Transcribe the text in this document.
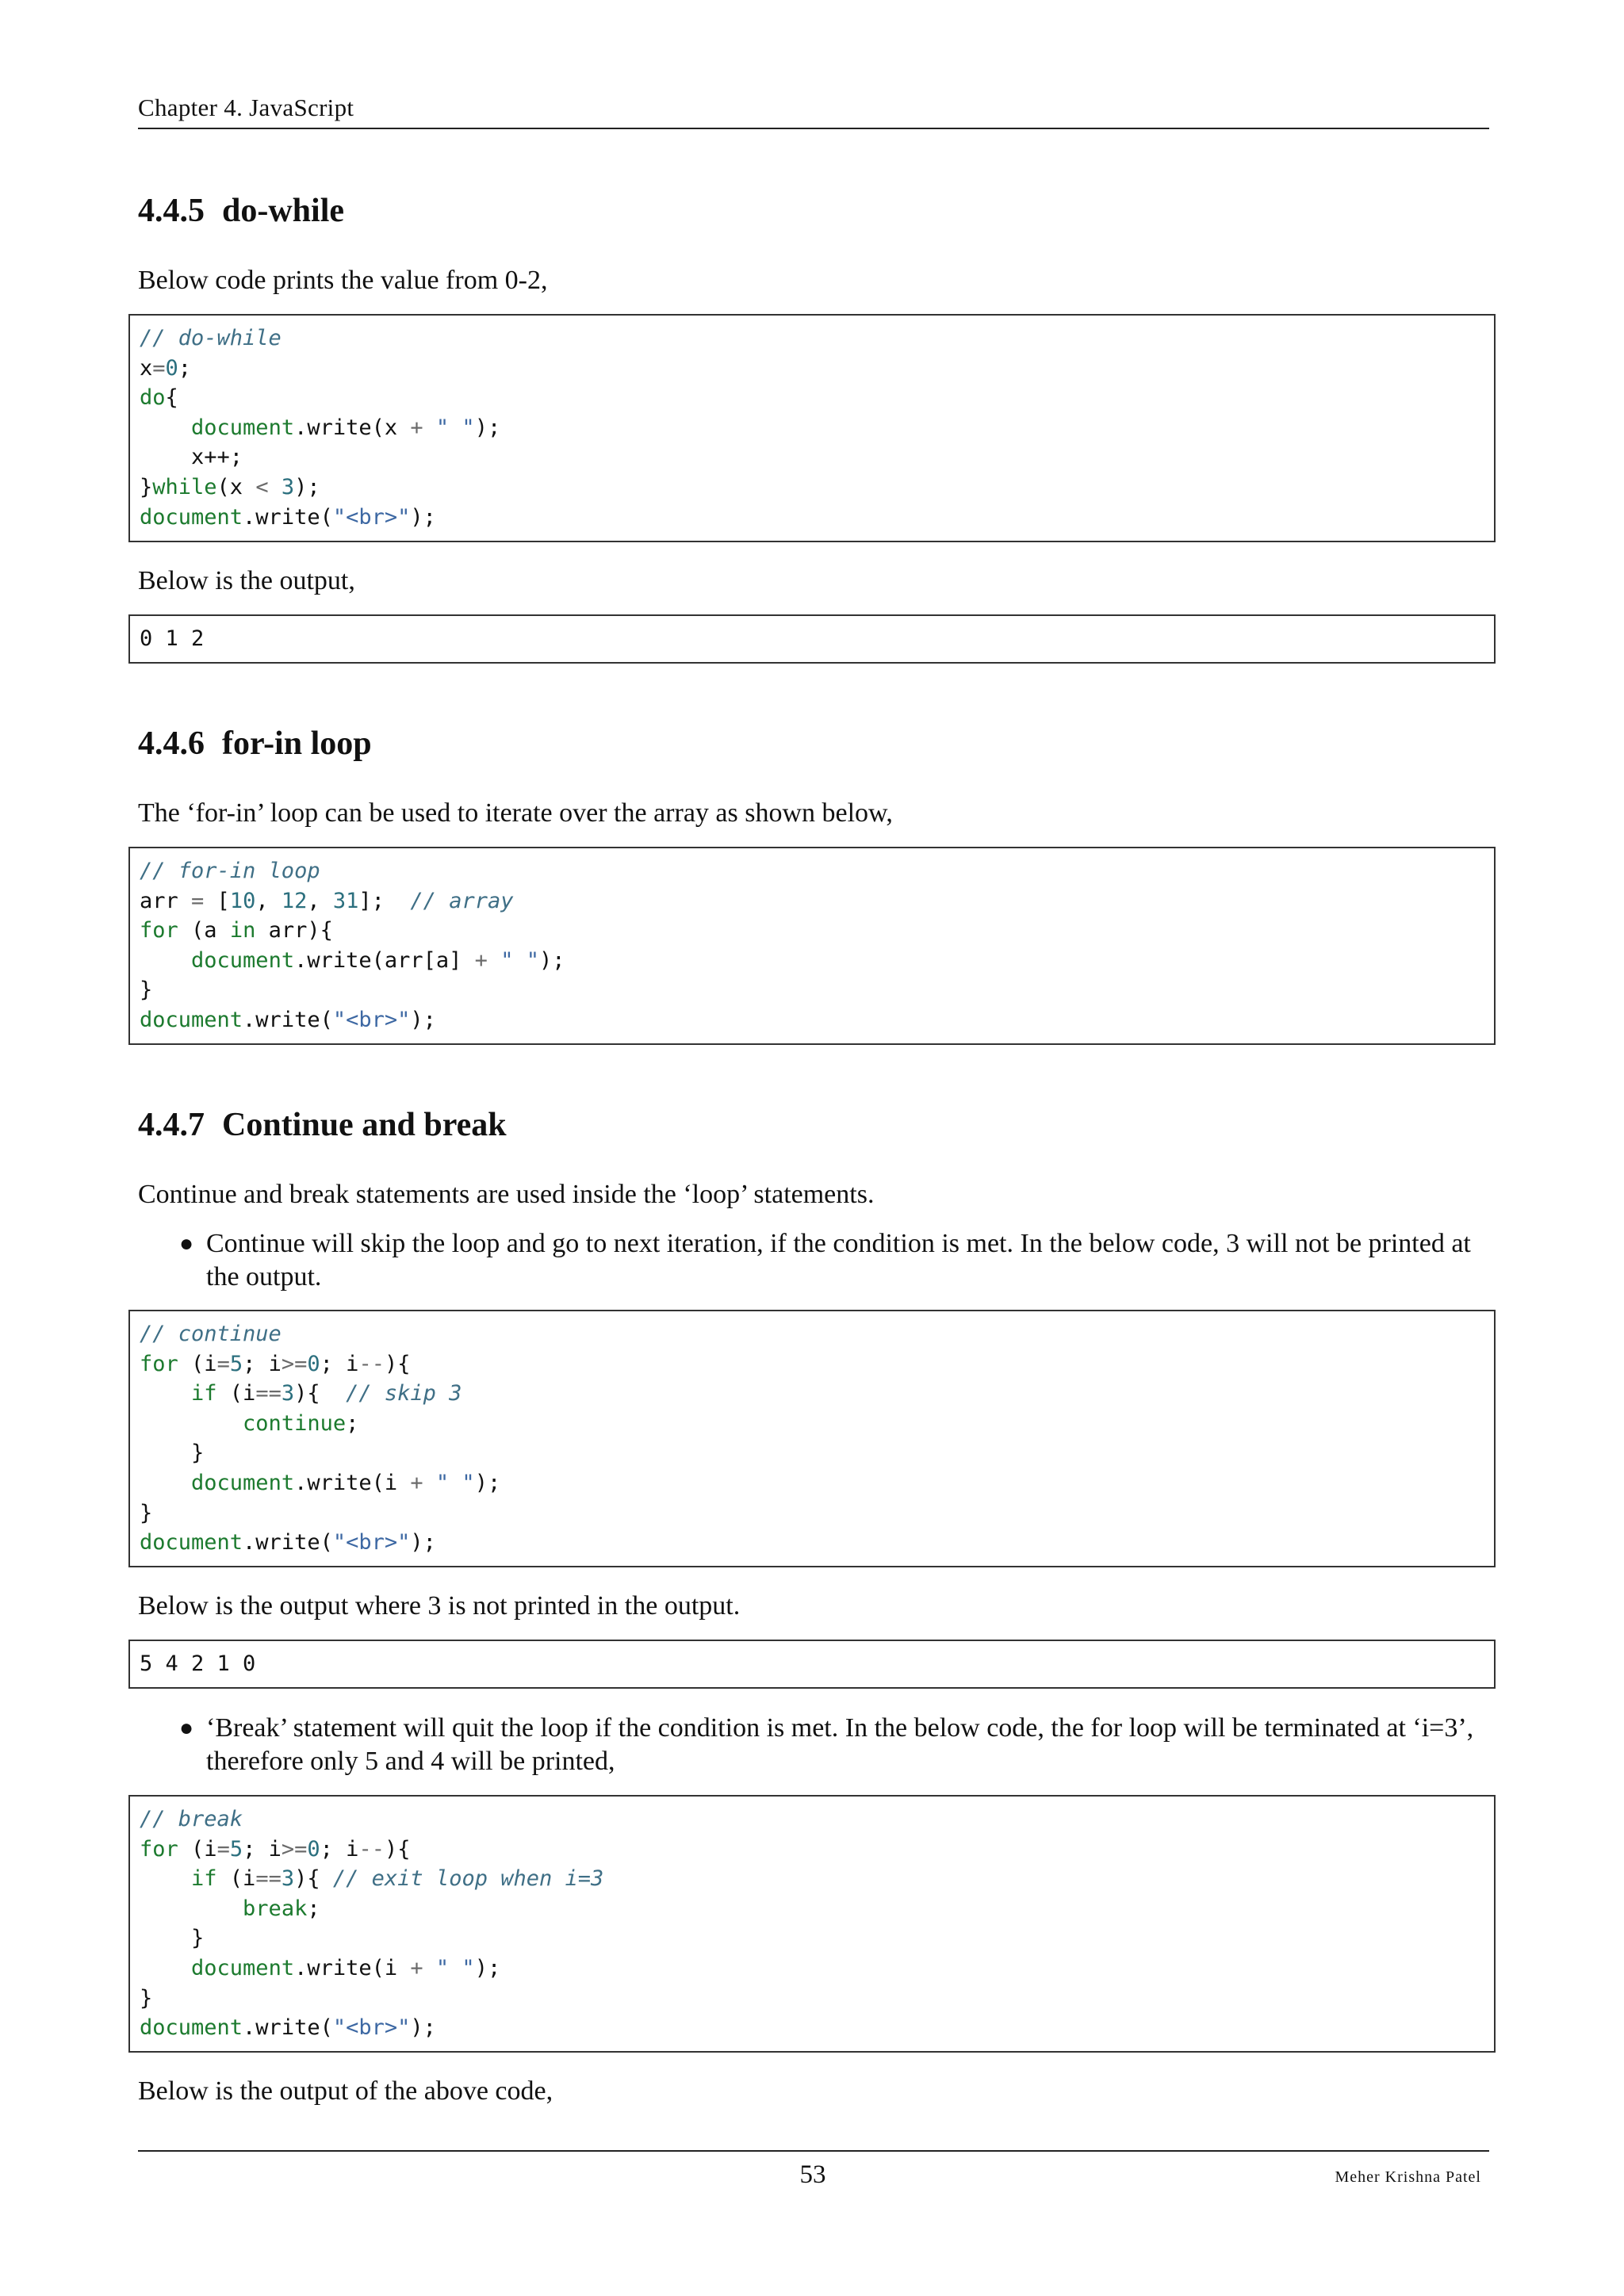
Chapter 4. JavaScript
4.4.5 do-while

Below code prints the value from 0-2,

// do-while
x=0;
do{
document.write(x + " ");
x++;
}while(x < 3);
document.write("<br>");

Below is the output,

0 1 2
4.4.6 for-in loop

The ‘for-in’ loop can be used to iterate over the array as shown below,

// for-in loop
arr = [10, 12, 31];  // array
for (a in arr){
document.write(arr[a] + " ");
}
document.write("<br>");
4.4.7 Continue and break

Continue and break statements are used inside the ‘loop’ statements.

● Continue will skip the loop and go to next iteration, if the condition is met. In the below code, 3 will not be printed at the output.
// continue
for (i=5; i>=0; i--){
if (i==3){  // skip 3
continue;
}
document.write(i + " ");
}
document.write("<br>");

Below is the output where 3 is not printed in the output.

5 4 2 1 0
● ‘Break’ statement will quit the loop if the condition is met. In the below code, the for loop will be terminated at ‘i=3’, therefore only 5 and 4 will be printed,
// break
for (i=5; i>=0; i--){
if (i==3){ // exit loop when i=3
break;
}
document.write(i + " ");
}
document.write("<br>");

Below is the output of the above code,

53	Meher Krishna Patel
